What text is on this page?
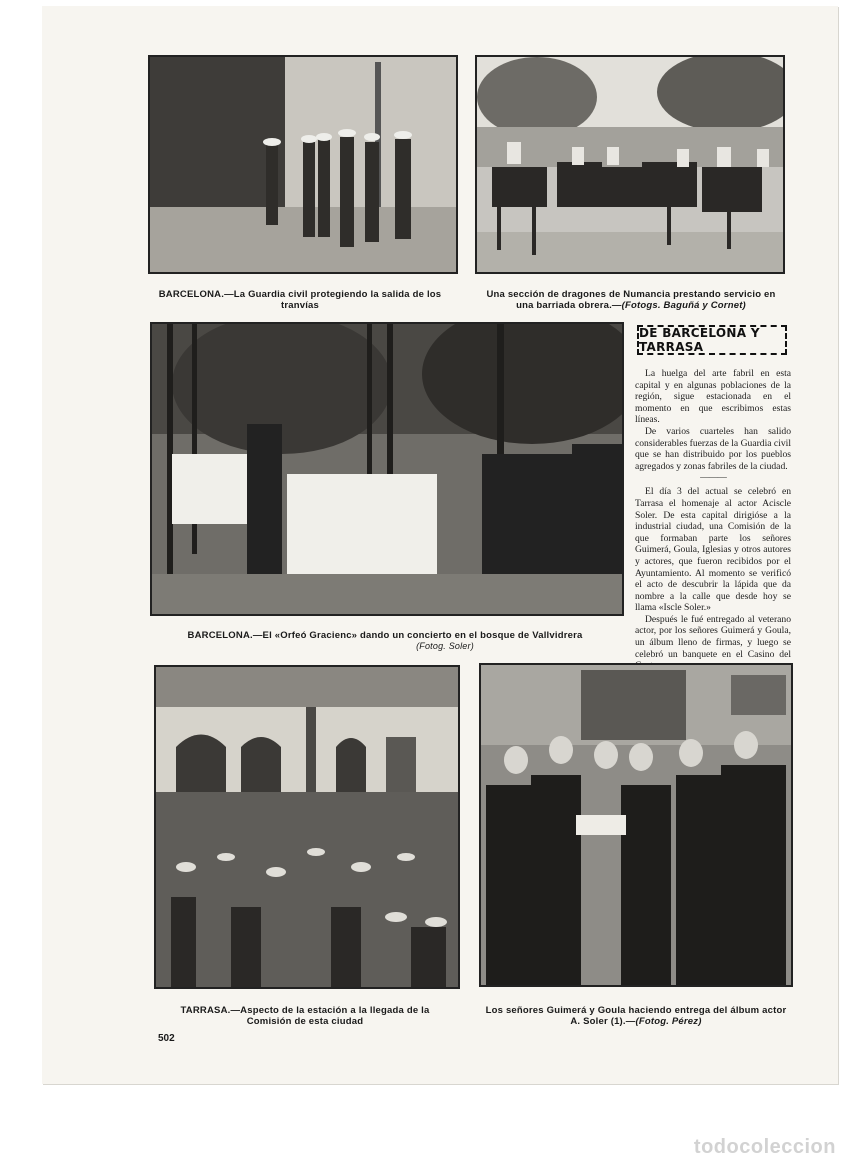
BARCELONA.—La Guardia civil protegiendo la salida de los tranvías
Una sección de dragones de Numancia prestando servicio en una barriada obrera.—(Fotogs. Baguñá y Cornet)
BARCELONA.—El «Orfeó Gracienc» dando un concierto en el bosque de Vallvidrera
(Fotog. Soler)
DE BARCELONA Y TARRASA

La huelga del arte fabril en esta capital y en algunas poblaciones de la región, sigue estacionada en el momento en que escribimos estas líneas.

De varios cuarteles han salido considerables fuerzas de la Guardia civil que se han distribuido por los pueblos agregados y zonas fabriles de la ciudad.

———

El día 3 del actual se celebró en Tarrasa el homenaje al actor Aciscle Soler. De esta capital dirigióse a la industrial ciudad, una Comisión de la que formaban parte los señores Guimerá, Goula, Iglesias y otros autores y actores, que fueron recibidos por el Ayuntamiento. Al momento se verificó el acto de descubrir la lápida que da nombre a la calle que desde hoy se llama «Iscle Soler.»

Después le fué entregado al veterano actor, por los señores Guimerá y Goula, un álbum lleno de firmas, y luego se celebró un banquete en el Casino del

TARRASA.—Aspecto de la estación a la llegada de la Comisión de esta ciudad
Los señores Guimerá y Goula haciendo entrega del álbum actor A. Soler (1).—(Fotog. Pérez)
502
todocoleccion
